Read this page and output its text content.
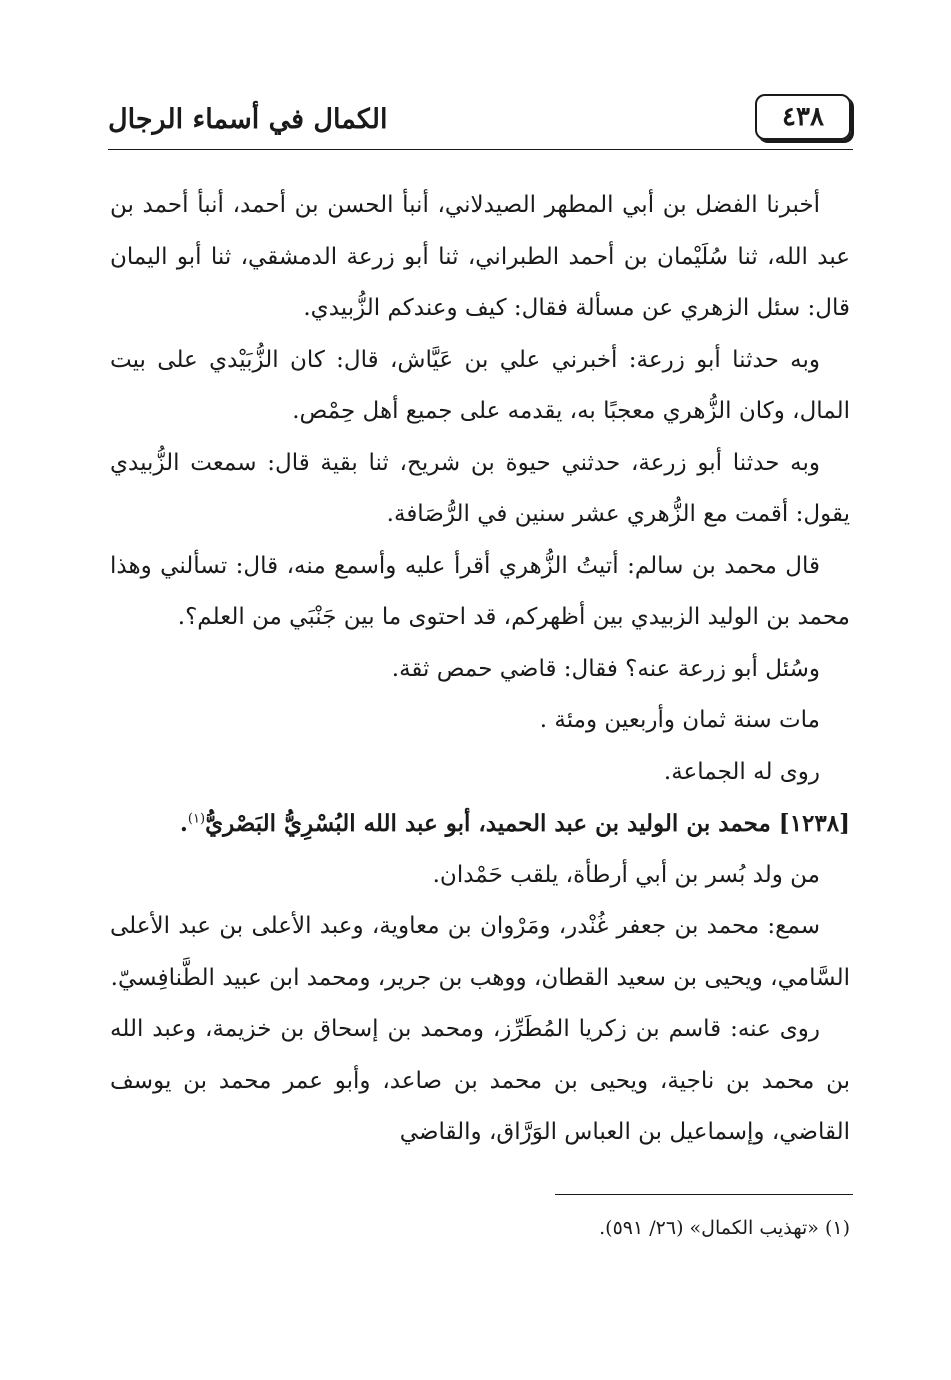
الكمال في أسماء الرجال	٤٣٨

أخبرنا الفضل بن أبي المطهر الصيدلاني، أنبأ الحسن بن أحمد، أنبأ أحمد بن عبد الله، ثنا سُلَيْمان بن أحمد الطبراني، ثنا أبو زرعة الدمشقي، ثنا أبو اليمان قال: سئل الزهري عن مسألة فقال: كيف وعندكم الزُّبيدي.

وبه حدثنا أبو زرعة: أخبرني علي بن عَيَّاش، قال: كان الزُّبَيْدي على بيت المال، وكان الزُّهري معجبًا به، يقدمه على جميع أهل حِمْص.

وبه حدثنا أبو زرعة، حدثني حيوة بن شريح، ثنا بقية قال: سمعت الزُّبيدي يقول: أقمت مع الزُّهري عشر سنين في الرُّصَافة.

قال محمد بن سالم: أتيتُ الزُّهري أقرأ عليه وأسمع منه، قال: تسألني وهذا محمد بن الوليد الزبيدي بين أظهركم، قد احتوى ما بين جَنْبَي من العلم؟.

وسُئل أبو زرعة عنه؟ فقال: قاضي حمص ثقة.

مات سنة ثمان وأربعين ومئة .

روى له الجماعة.

[١٢٣٨] محمد بن الوليد بن عبد الحميد، أبو عبد الله البُسْرِيُّ البَصْريُّ$^{(١)}$.

من ولد بُسر بن أبي أرطأة، يلقب حَمْدان.

سمع: محمد بن جعفر غُنْدر، ومَرْوان بن معاوية، وعبد الأعلى بن عبد الأعلى السَّامي، ويحيى بن سعيد القطان، ووهب بن جرير، ومحمد ابن عبيد الطَّنافِسيّ.

روى عنه: قاسم بن زكريا المُطَرِّز، ومحمد بن إسحاق بن خزيمة، وعبد الله بن محمد بن ناجية، ويحيى بن محمد بن صاعد، وأبو عمر محمد بن يوسف القاضي، وإسماعيل بن العباس الوَرَّاق، والقاضي

(١) «تهذيب الكمال» (٢٦/ ٥٩١).
